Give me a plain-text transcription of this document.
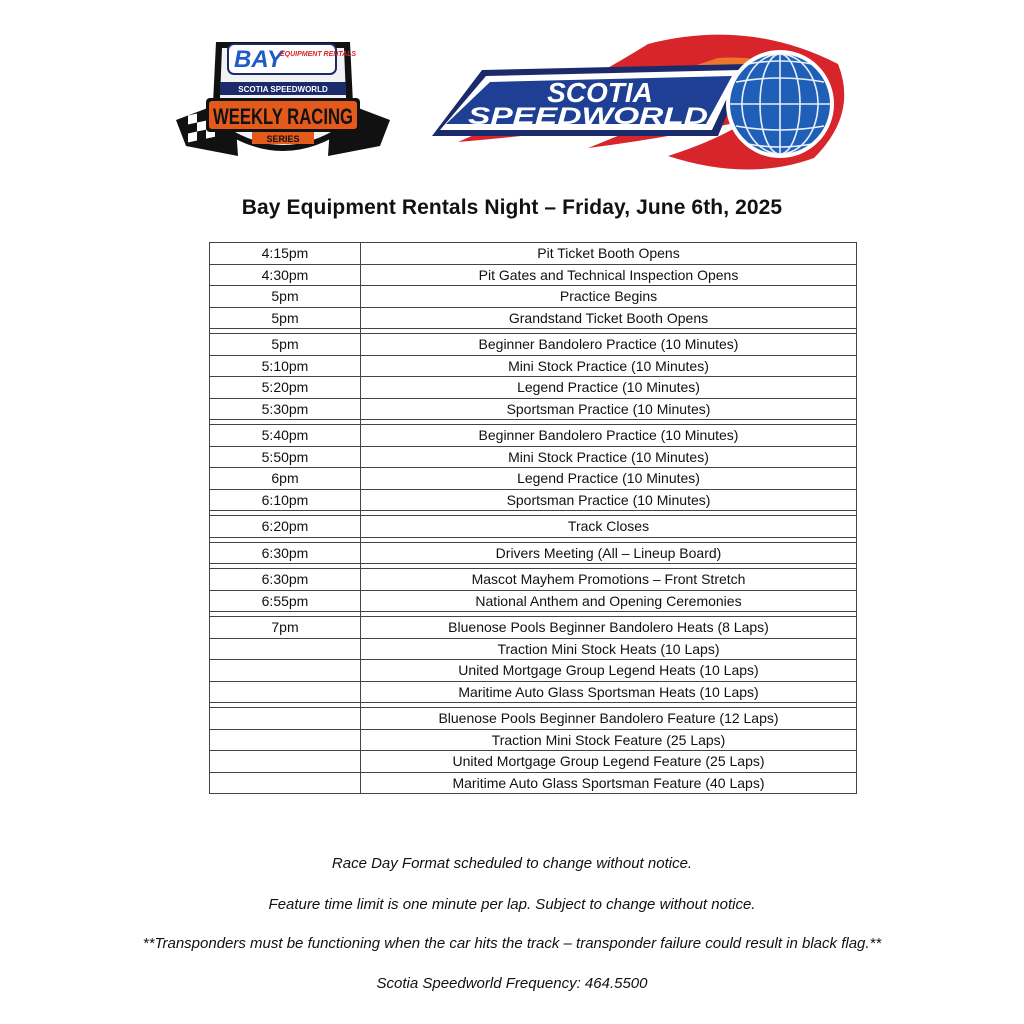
BAY
EQUIPMENT RENTALS
SCOTIA SPEEDWORLD
WEEKLY RACING
SERIES
SCOTIA
SPEEDWORLD
Bay Equipment Rentals Night – Friday, June 6th, 2025
4:15pm	Pit Ticket Booth Opens
4:30pm	Pit Gates and Technical Inspection Opens
5pm	Practice Begins
5pm	Grandstand Ticket Booth Opens

5pm	Beginner Bandolero Practice (10 Minutes)
5:10pm	Mini Stock Practice (10 Minutes)
5:20pm	Legend Practice (10 Minutes)
5:30pm	Sportsman Practice (10 Minutes)

5:40pm	Beginner Bandolero Practice (10 Minutes)
5:50pm	Mini Stock Practice (10 Minutes)
6pm	Legend Practice (10 Minutes)
6:10pm	Sportsman Practice (10 Minutes)

6:20pm	Track Closes

6:30pm	Drivers Meeting (All – Lineup Board)

6:30pm	Mascot Mayhem Promotions – Front Stretch
6:55pm	National Anthem and Opening Ceremonies

7pm	Bluenose Pools Beginner Bandolero Heats (8 Laps)
	Traction Mini Stock Heats (10 Laps)
	United Mortgage Group Legend Heats (10 Laps)
	Maritime Auto Glass Sportsman Heats (10 Laps)

	Bluenose Pools Beginner Bandolero Feature (12 Laps)
	Traction Mini Stock Feature (25 Laps)
	United Mortgage Group Legend Feature (25 Laps)
	Maritime Auto Glass Sportsman Feature (40 Laps)
Race Day Format scheduled to change without notice.
Feature time limit is one minute per lap. Subject to change without notice.
**Transponders must be functioning when the car hits the track – transponder failure could result in black flag.**
Scotia Speedworld Frequency: 464.5500
